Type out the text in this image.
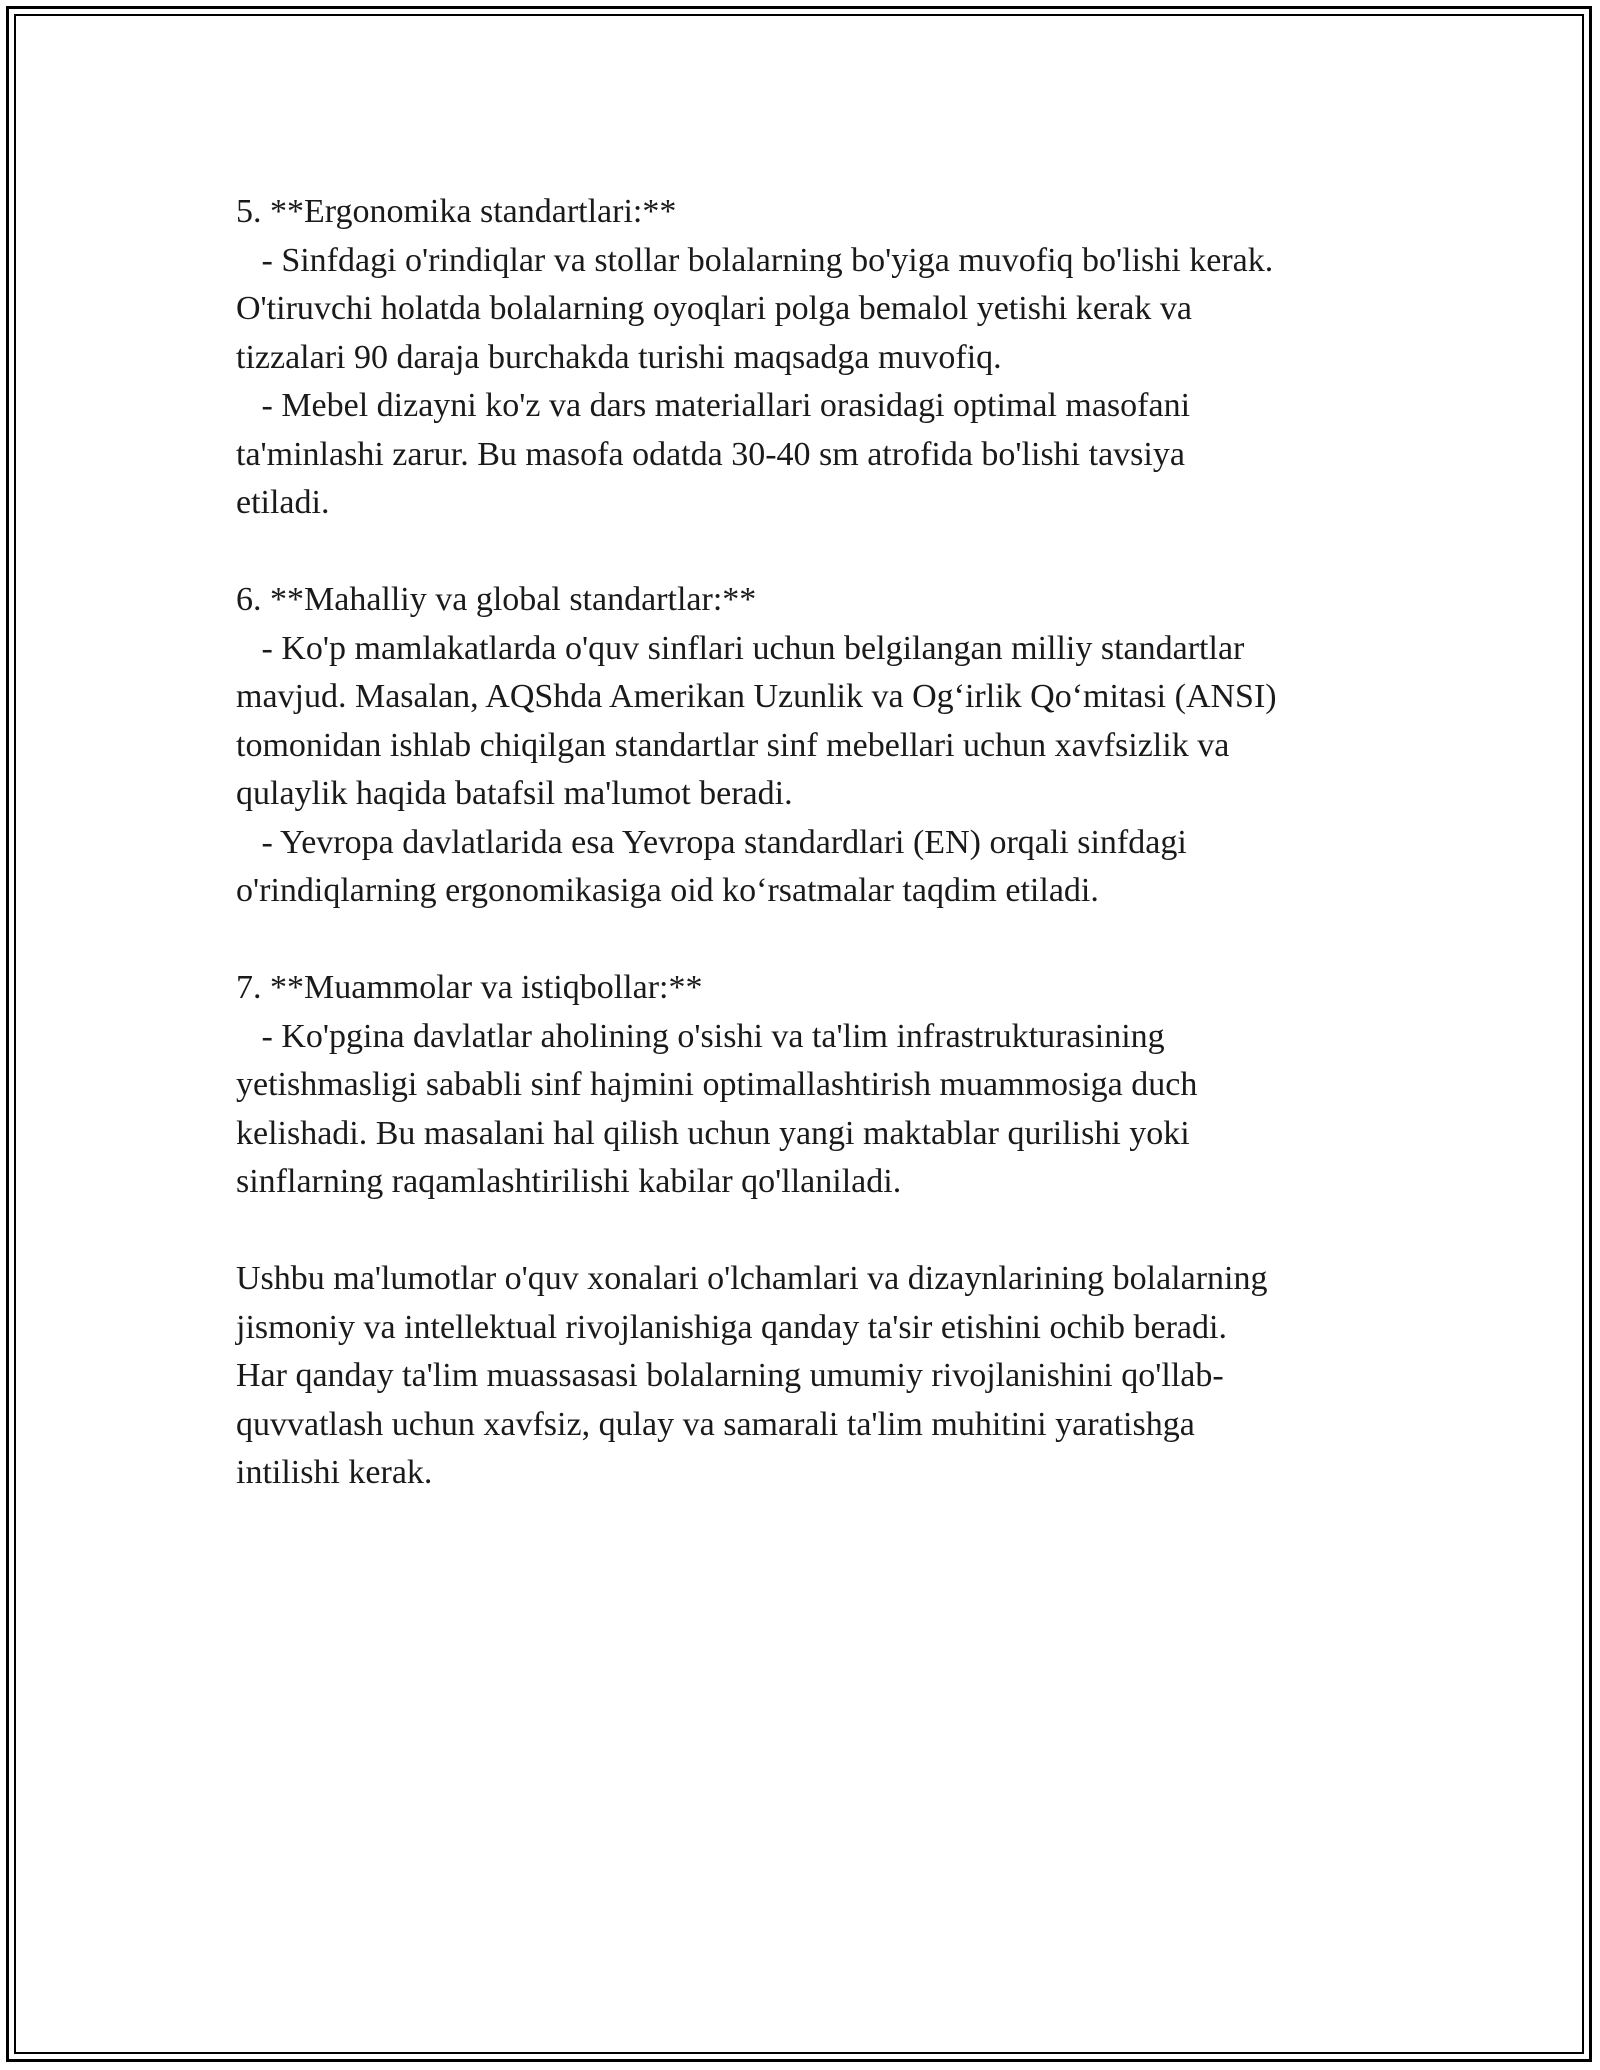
5. **Ergonomika standartlari:**

- Sinfdagi o'rindiqlar va stollar bolalarning bo'yiga muvofiq bo'lishi kerak.

O'tiruvchi holatda bolalarning oyoqlari polga bemalol yetishi kerak va

tizzalari 90 daraja burchakda turishi maqsadga muvofiq.

- Mebel dizayni ko'z va dars materiallari orasidagi optimal masofani

ta'minlashi zarur. Bu masofa odatda 30-40 sm atrofida bo'lishi tavsiya

etiladi.

6. **Mahalliy va global standartlar:**

- Ko'p mamlakatlarda o'quv sinflari uchun belgilangan milliy standartlar

mavjud. Masalan, AQShda Amerikan Uzunlik va Og‘irlik Qo‘mitasi (ANSI)

tomonidan ishlab chiqilgan standartlar sinf mebellari uchun xavfsizlik va

qulaylik haqida batafsil ma'lumot beradi.

- Yevropa davlatlarida esa Yevropa standardlari (EN) orqali sinfdagi

o'rindiqlarning ergonomikasiga oid ko‘rsatmalar taqdim etiladi.

7. **Muammolar va istiqbollar:**

- Ko'pgina davlatlar aholining o'sishi va ta'lim infrastrukturasining

yetishmasligi sababli sinf hajmini optimallashtirish muammosiga duch

kelishadi. Bu masalani hal qilish uchun yangi maktablar qurilishi yoki

sinflarning raqamlashtirilishi kabilar qo'llaniladi.

Ushbu ma'lumotlar o'quv xonalari o'lchamlari va dizaynlarining bolalarning

jismoniy va intellektual rivojlanishiga qanday ta'sir etishini ochib beradi.

Har qanday ta'lim muassasasi bolalarning umumiy rivojlanishini qo'llab-

quvvatlash uchun xavfsiz, qulay va samarali ta'lim muhitini yaratishga

intilishi kerak.
